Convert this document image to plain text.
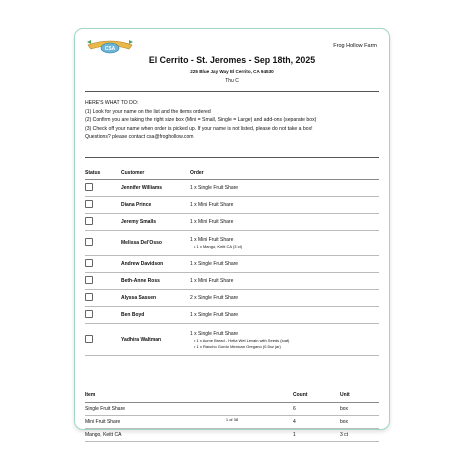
CSA	Frog Hollow Farm
El Cerrito - St. Jeromes - Sep 18th, 2025
225 Blue Jay Way El Cerrito, CA 94530
Thu C
HERE'S WHAT TO DO:
(1) Look for your name on the list and the items ordered
(2) Confirm you are taking the right size box (Mini = Small, Single = Large) and add-ons (separate box)
(3) Check off your name when order is picked up. If your name is not listed, please do not take a box!
Questions? please contact csa@froghollow.com
Status	Customer	Order
	Jennifer Williams	1 x Single Fruit Share
	Diana Prince	1 x Mini Fruit Share
	Jeremy Smalls	1 x Mini Fruit Share
	Melissa Del'Osso	1 x Mini Fruit Share
• 1 x Mango, Keitt CA (3 ct)

	Andrew Davidson	1 x Single Fruit Share
	Beth-Anne Ross	1 x Mini Fruit Share
	Alyssa Sassen	2 x Single Fruit Share
	Ben Boyd	1 x Single Fruit Share
	Yadhira Waltman	1 x Single Fruit Share
• 1 x Acme Bread - Hella Wet Levain with Seeds (loaf)
• 1 x Rancho Gordo Mexican Oregano (0.5oz jar)
Item	Count	Unit
Single Fruit Share	6	box
Mini Fruit Share	4	box
Mango, Keitt CA	1	3 ct
1 of 38
